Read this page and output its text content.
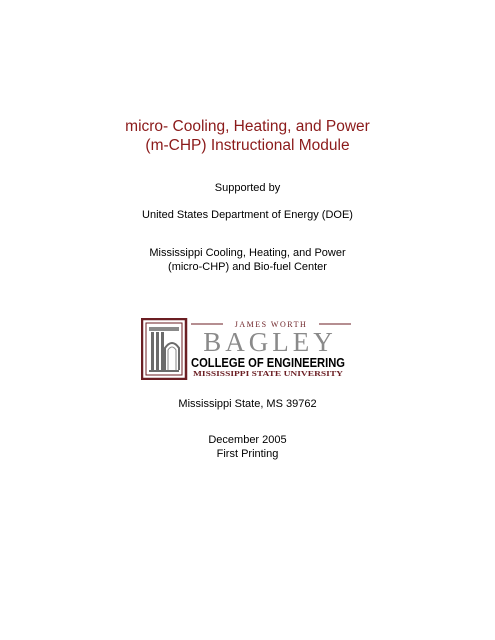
micro- Cooling, Heating, and Power
(m-CHP) Instructional Module
Supported by
United States Department of Energy (DOE)
Mississippi Cooling, Heating, and Power
(micro-CHP) and Bio-fuel Center
JAMES WORTH
BAGLEY
COLLEGE OF ENGINEERING
MISSISSIPPI STATE UNIVERSITY
Mississippi State, MS 39762
December 2005
First Printing
